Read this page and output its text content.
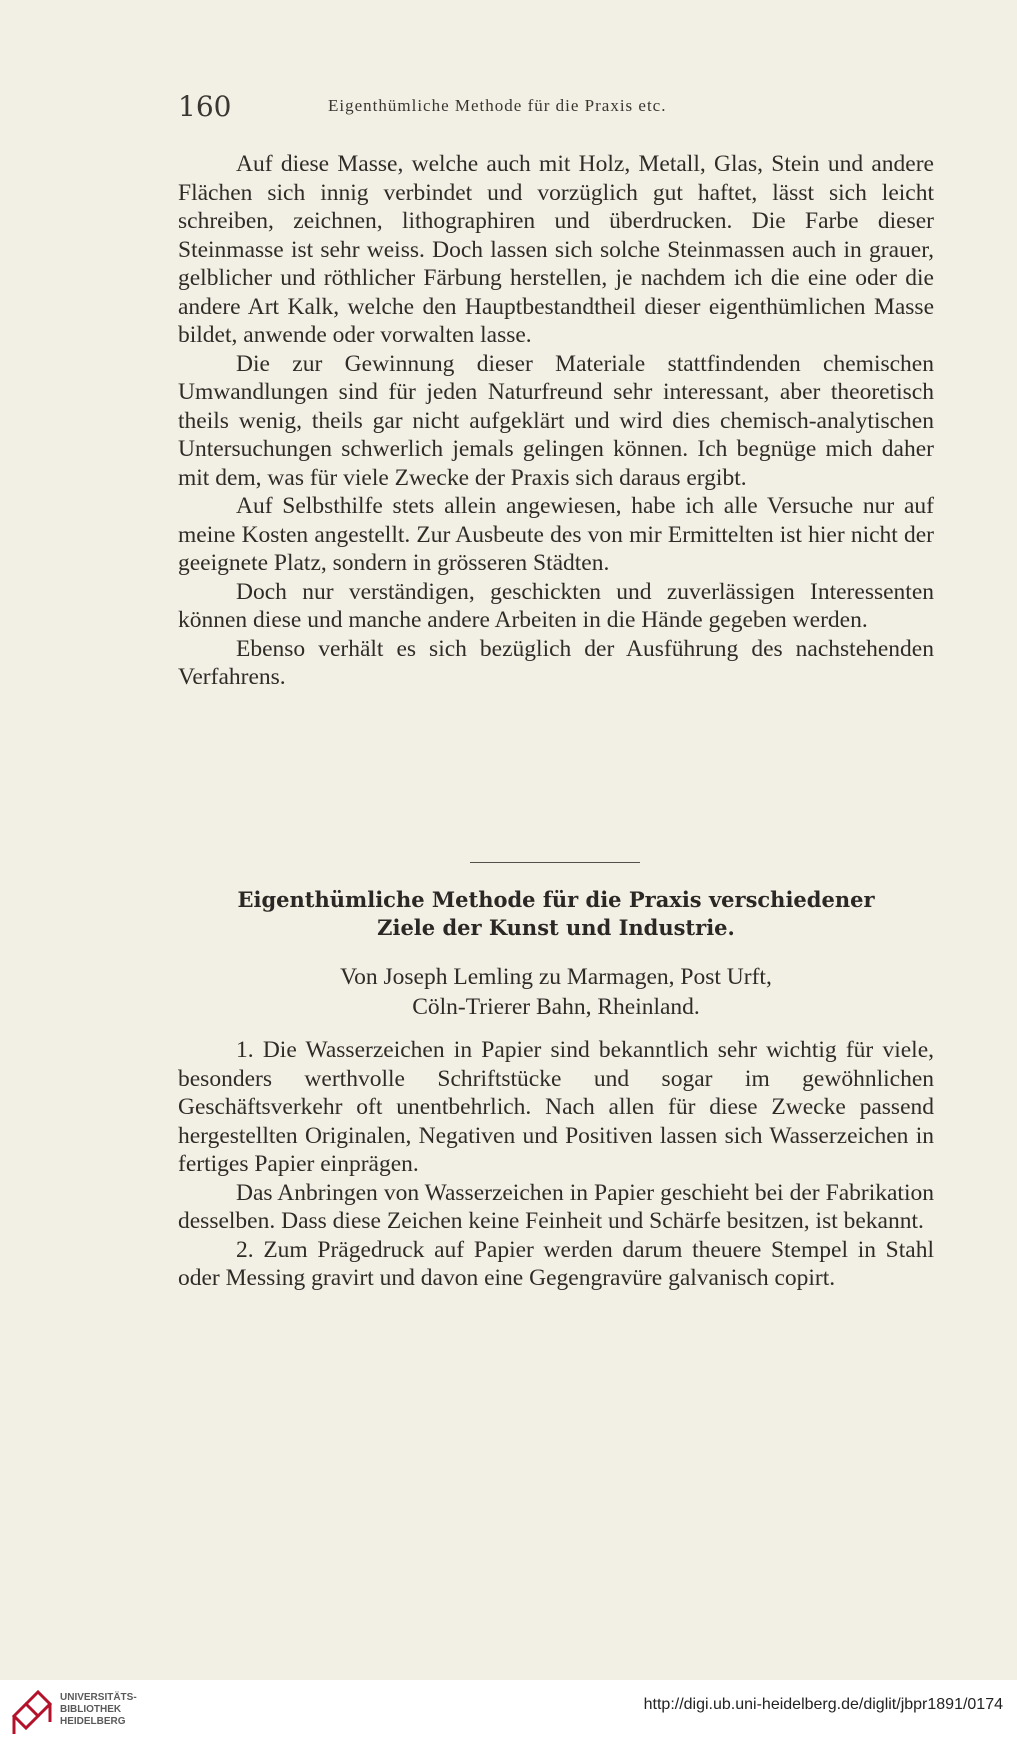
160	Eigenthümliche Methode für die Praxis etc.

Auf diese Masse, welche auch mit Holz, Metall, Glas, Stein und andere Flächen sich innig verbindet und vorzüglich gut haftet, lässt sich leicht schreiben, zeichnen, lithographiren und überdrucken. Die Farbe dieser Steinmasse ist sehr weiss. Doch lassen sich solche Steinmassen auch in grauer, gelblicher und röthlicher Färbung herstellen, je nachdem ich die eine oder die andere Art Kalk, welche den Hauptbestandtheil dieser eigenthümlichen Masse bildet, anwende oder vorwalten lasse.

Die zur Gewinnung dieser Materiale stattfindenden chemischen Umwandlungen sind für jeden Naturfreund sehr interessant, aber theoretisch theils wenig, theils gar nicht aufgeklärt und wird dies chemisch-analytischen Untersuchungen schwerlich jemals gelingen können. Ich begnüge mich daher mit dem, was für viele Zwecke der Praxis sich daraus ergibt.

Auf Selbsthilfe stets allein angewiesen, habe ich alle Versuche nur auf meine Kosten angestellt. Zur Ausbeute des von mir Ermittelten ist hier nicht der geeignete Platz, sondern in grösseren Städten.

Doch nur verständigen, geschickten und zuverlässigen Interessenten können diese und manche andere Arbeiten in die Hände gegeben werden.

Ebenso verhält es sich bezüglich der Ausführung des nachstehenden Verfahrens.

Eigenthümliche Methode für die Praxis verschiedener
Ziele der Kunst und Industrie.
Von Joseph Lemling zu Marmagen, Post Urft,
Cöln-Trierer Bahn, Rheinland.

1. Die Wasserzeichen in Papier sind bekanntlich sehr wichtig für viele, besonders werthvolle Schriftstücke und sogar im gewöhnlichen Geschäftsverkehr oft unentbehrlich. Nach allen für diese Zwecke passend hergestellten Originalen, Negativen und Positiven lassen sich Wasserzeichen in fertiges Papier einprägen.

Das Anbringen von Wasserzeichen in Papier geschieht bei der Fabrikation desselben. Dass diese Zeichen keine Feinheit und Schärfe besitzen, ist bekannt.

2. Zum Prägedruck auf Papier werden darum theuere Stempel in Stahl oder Messing gravirt und davon eine Gegengravüre galvanisch copirt.

UNIVERSITÄTS-
BIBLIOTHEK
HEIDELBERG
http://digi.ub.uni-heidelberg.de/diglit/jbpr1891/0174
